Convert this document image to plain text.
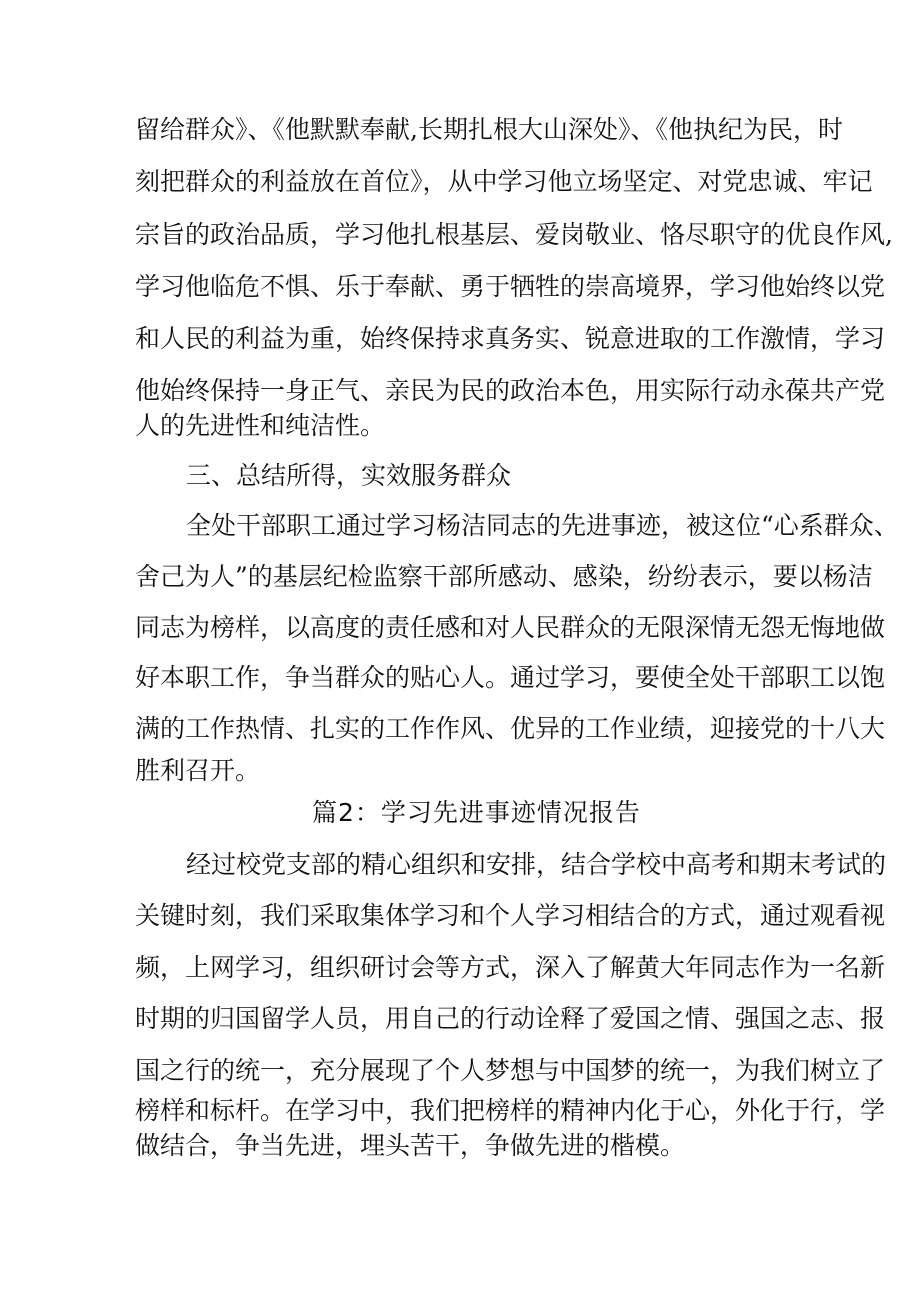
留给群众》、《他默默奉献,长期扎根大山深处》、《他执纪为民，时
刻把群众的利益放在首位》，从中学习他立场坚定、对党忠诚、牢记
宗旨的政治品质，学习他扎根基层、爱岗敬业、恪尽职守的优良作风,
学习他临危不惧、乐于奉献、勇于牺牲的崇高境界，学习他始终以党
和人民的利益为重，始终保持求真务实、锐意进取的工作激情，学习
他始终保持一身正气、亲民为民的政治本色，用实际行动永葆共产党
人的先进性和纯洁性。
三、总结所得，实效服务群众
全处干部职工通过学习杨洁同志的先进事迹，被这位“心系群众、
舍己为人”的基层纪检监察干部所感动、感染，纷纷表示，要以杨洁
同志为榜样，以高度的责任感和对人民群众的无限深情无怨无悔地做
好本职工作，争当群众的贴心人。通过学习，要使全处干部职工以饱
满的工作热情、扎实的工作作风、优异的工作业绩，迎接党的十八大
胜利召开。
篇2：学习先进事迹情况报告
经过校党支部的精心组织和安排，结合学校中高考和期末考试的
关键时刻，我们采取集体学习和个人学习相结合的方式，通过观看视
频，上网学习，组织研讨会等方式，深入了解黄大年同志作为一名新
时期的归国留学人员，用自己的行动诠释了爱国之情、强国之志、报
国之行的统一，充分展现了个人梦想与中国梦的统一，为我们树立了
榜样和标杆。在学习中，我们把榜样的精神内化于心，外化于行，学
做结合，争当先进，埋头苦干，争做先进的楷模。
